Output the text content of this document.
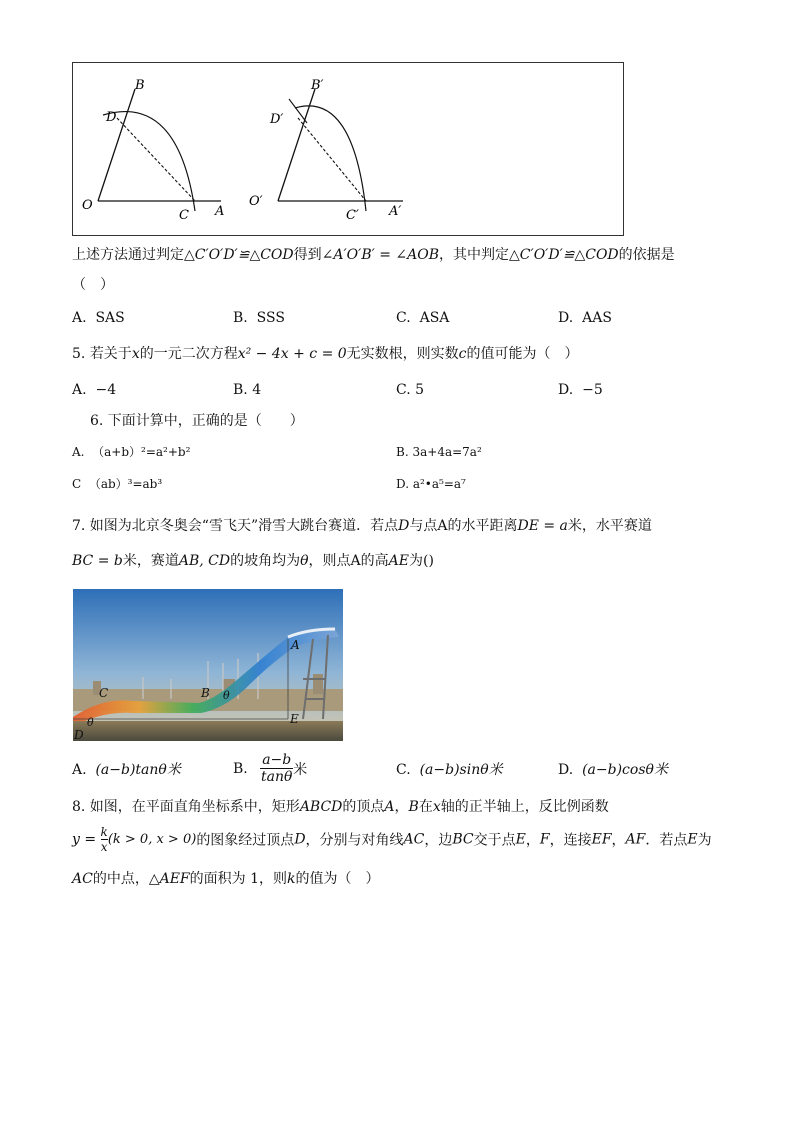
B
D
O
C A
B′
D′
O′
C′ A′
上述方法通过判定△C′O′D′≌△COD得到∠A′O′B′ = ∠AOB，其中判定△C′O′D′≌△COD的依据是
（　）
A. SAS	B. SSS	C. ASA	D. AAS
5. 若关于x的一元二次方程x² − 4x + c = 0无实数根，则实数c的值可能为（　）
A. −4	B. 4	C. 5	D. −5
6. 下面计算中，正确的是（　　）
A. （a+b）²=a²+b²	B. 3a+4a=7a²
C （ab）³=ab³	D. a²•a⁵=a⁷
7. 如图为北京冬奥会“雪飞天”滑雪大跳台赛道．若点D与点A的水平距离DE = a米，水平赛道
BC = b米，赛道AB, CD的坡角均为θ，则点A的高AE为()
A
B θ
C
θ
D
E
A. (a−b)tanθ米	B. $\frac{a-b}{\tan\theta}$ 米	C. (a−b)sinθ米	D. (a−b)cosθ米
8. 如图，在平面直角坐标系中，矩形ABCD的顶点A，B在x轴的正半轴上，反比例函数
$y = \frac{k}{x} (k > 0$, x > 0)的图象经过顶点D，分别与对角线AC，边BC交于点E，F，连接EF，AF．若点E为
AC的中点，△AEF的面积为 1，则k的值为（　）
